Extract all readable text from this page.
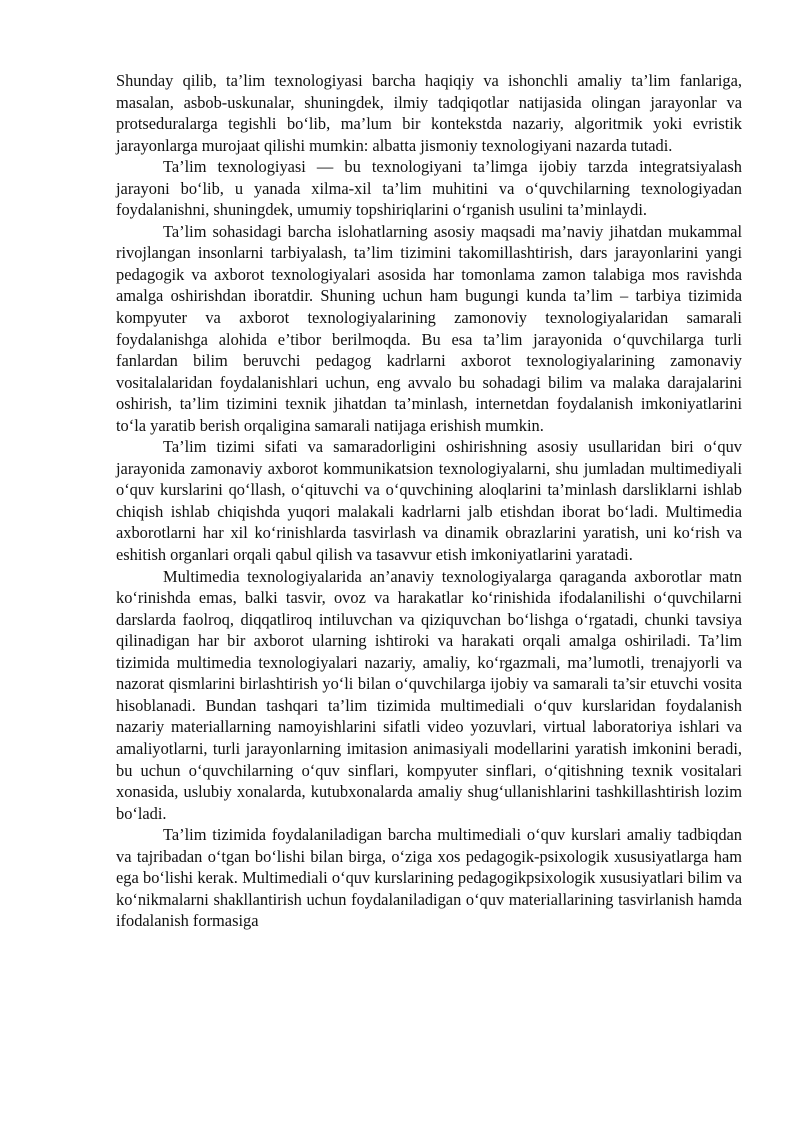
Shunday qilib, ta’lim texnologiyasi barcha haqiqiy va ishonchli amaliy ta’lim fanlariga, masalan, asbob-uskunalar, shuningdek, ilmiy tadqiqotlar natijasida olingan jarayonlar va protseduralarga tegishli bo‘lib, ma’lum bir kontekstda nazariy, algoritmik yoki evristik jarayonlarga murojaat qilishi mumkin: albatta jismoniy texnologiyani nazarda tutadi.

Ta’lim texnologiyasi — bu texnologiyani ta’limga ijobiy tarzda integratsiyalash jarayoni bo‘lib, u yanada xilma-xil ta’lim muhitini va o‘quvchilarning texnologiyadan foydalanishni, shuningdek, umumiy topshiriqlarini o‘rganish usulini ta’minlaydi.

Ta’lim sohasidagi barcha islohatlarning asosiy maqsadi ma’naviy jihatdan mukammal rivojlangan insonlarni tarbiyalash, ta’lim tizimini takomillashtirish, dars jarayonlarini yangi pedagogik va axborot texnologiyalari asosida har tomonlama zamon talabiga mos ravishda amalga oshirishdan iboratdir. Shuning uchun ham bugungi kunda ta’lim – tarbiya tizimida kompyuter va axborot texnologiyalarining zamonoviy texnologiyalaridan samarali foydalanishga alohida e’tibor berilmoqda. Bu esa ta’lim jarayonida o‘quvchilarga turli fanlardan bilim beruvchi pedagog kadrlarni axborot texnologiyalarining zamonaviy vositalalaridan foydalanishlari uchun, eng avvalo bu sohadagi bilim va malaka darajalarini oshirish, ta’lim tizimini texnik jihatdan ta’minlash, internetdan foydalanish imkoniyatlarini to‘la yaratib berish orqaligina samarali natijaga erishish mumkin.

Ta’lim tizimi sifati va samaradorligini oshirishning asosiy usullaridan biri o‘quv jarayonida zamonaviy axborot kommunikatsion texnologiyalarni, shu jumladan multimediyali o‘quv kurslarini qo‘llash, o‘qituvchi va o‘quvchining aloqlarini ta’minlash darsliklarni ishlab chiqish ishlab chiqishda yuqori malakali kadrlarni jalb etishdan iborat bo‘ladi. Multimedia axborotlarni har xil ko‘rinishlarda tasvirlash va dinamik obrazlarini yaratish, uni ko‘rish va eshitish organlari orqali qabul qilish va tasavvur etish imkoniyatlarini yaratadi.

Multimedia texnologiyalarida an’anaviy texnologiyalarga qaraganda axborotlar matn ko‘rinishda emas, balki tasvir, ovoz va harakatlar ko‘rinishida ifodalanilishi o‘quvchilarni darslarda faolroq, diqqatliroq intiluvchan va qiziquvchan bo‘lishga o‘rgatadi, chunki tavsiya qilinadigan har bir axborot ularning ishtiroki va harakati orqali amalga oshiriladi. Ta’lim tizimida multimedia texnologiyalari nazariy, amaliy, ko‘rgazmali, ma’lumotli, trenajyorli va nazorat qismlarini birlashtirish yo‘li bilan o‘quvchilarga ijobiy va samarali ta’sir etuvchi vosita hisoblanadi. Bundan tashqari ta’lim tizimida multimediali o‘quv kurslaridan foydalanish nazariy materiallarning namoyishlarini sifatli video yozuvlari, virtual laboratoriya ishlari va amaliyotlarni, turli jarayonlarning imitasion animasiyali modellarini yaratish imkonini beradi, bu uchun o‘quvchilarning o‘quv sinflari, kompyuter sinflari, o‘qitishning texnik vositalari xonasida, uslubiy xonalarda, kutubxonalarda amaliy shug‘ullanishlarini tashkillashtirish lozim bo‘ladi.

Ta’lim tizimida foydalaniladigan barcha multimediali o‘quv kurslari amaliy tadbiqdan va tajribadan o‘tgan bo‘lishi bilan birga, o‘ziga xos pedagogik-psixologik xususiyatlarga ham ega bo‘lishi kerak. Multimediali o‘quv kurslarining pedagogikpsixologik xususiyatlari bilim va ko‘nikmalarni shakllantirish uchun foydalaniladigan o‘quv materiallarining tasvirlanish hamda ifodalanish formasiga
